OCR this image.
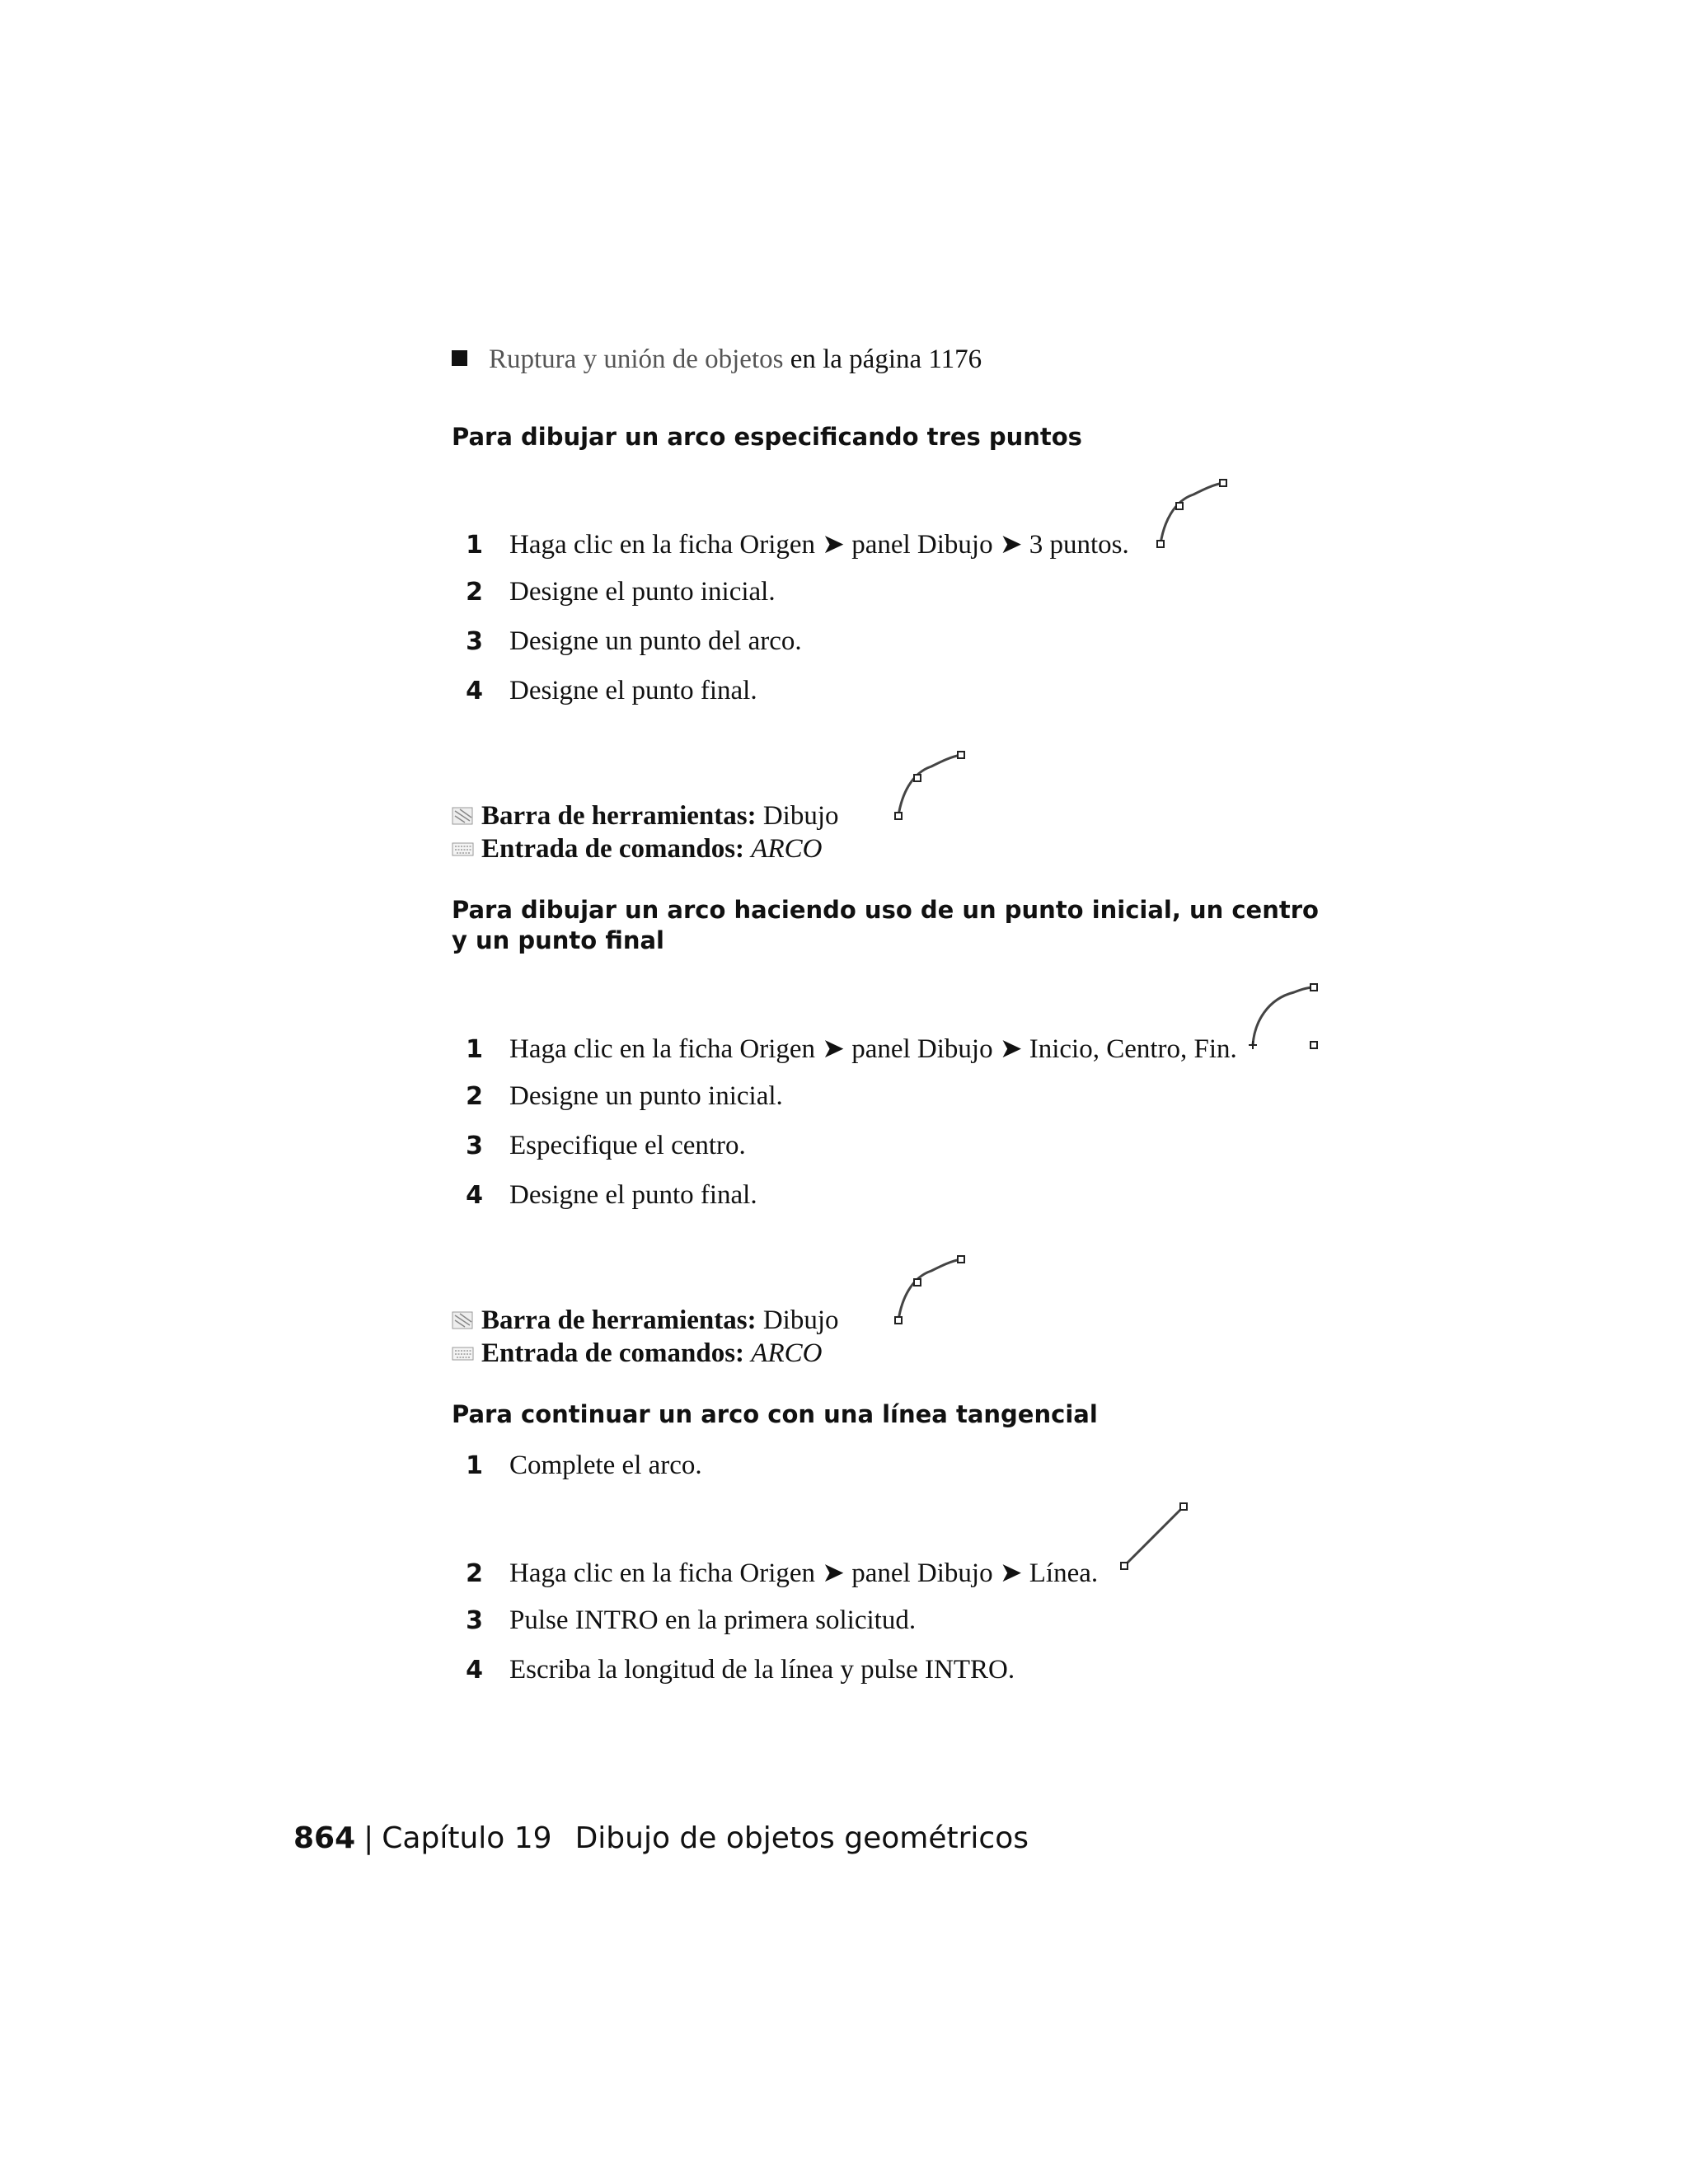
Ruptura y unión de objetos en la página 1176
Para dibujar un arco especificando tres puntos
1 Haga clic en la ficha Origen ➤ panel Dibujo ➤ 3 puntos.
2 Designe el punto inicial.
3 Designe un punto del arco.
4 Designe el punto final.
Barra de herramientas: Dibujo
Entrada de comandos: ARCO
Para dibujar un arco haciendo uso de un punto inicial, un centro y un punto final
1 Haga clic en la ficha Origen ➤ panel Dibujo ➤ Inicio, Centro, Fin.
2 Designe un punto inicial.
3 Especifique el centro.
4 Designe el punto final.
Barra de herramientas: Dibujo
Entrada de comandos: ARCO
Para continuar un arco con una línea tangencial
1 Complete el arco.
2 Haga clic en la ficha Origen ➤ panel Dibujo ➤ Línea.
3 Pulse INTRO en la primera solicitud.
4 Escriba la longitud de la línea y pulse INTRO.
864 | Capítulo 19 Dibujo de objetos geométricos
